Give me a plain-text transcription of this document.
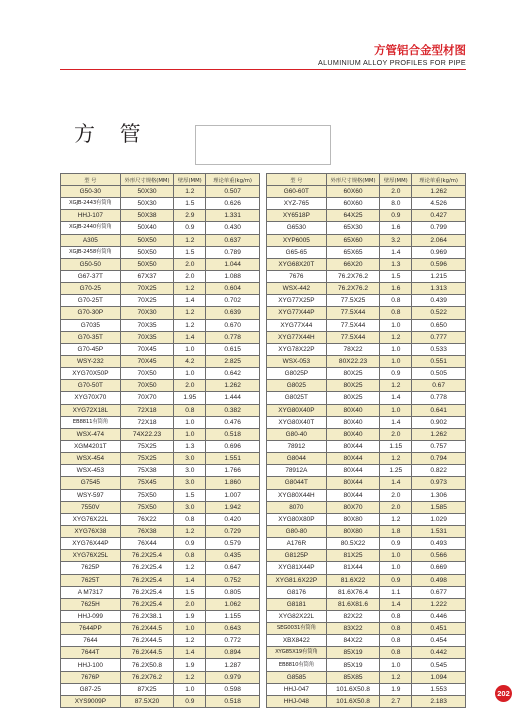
方管铝合金型材图
ALUMINIUM ALLOY PROFILES FOR PIPE
方 管
型 号	外形尺寸规格(MM)	壁厚(MM)	理论单重(kg/m)
G50-30	50X30	1.2	0.507
XGJB-2443有筒角	50X30	1.5	0.626
HHJ-107	50X38	2.9	1.331
XGJB-2440有筒角	50X40	0.9	0.430
A305	50X50	1.2	0.637
XGJB-2458有筒角	50X50	1.5	0.789
G50-50	50X50	2.0	1.044
G67-37T	67X37	2.0	1.088
G70-25	70X25	1.2	0.604
G70-25T	70X25	1.4	0.702
G70-30P	70X30	1.2	0.639
G7035	70X35	1.2	0.670
G70-35T	70X35	1.4	0.778
G70-45P	70X45	1.0	0.615
WSY-232	70X45	4.2	2.825
XYG70X50P	70X50	1.0	0.642
G70-50T	70X50	2.0	1.262
XYG70X70	70X70	1.95	1.444
XYG72X18L	72X18	0.8	0.382
EB8811有筒角	72X18	1.0	0.476
WSX-474	74X22.23	1.0	0.518
XGM4201T	75X25	1.3	0.696
WSX-454	75X25	3.0	1.551
WSX-453	75X38	3.0	1.766
G7545	75X45	3.0	1.860
WSY-597	75X50	1.5	1.007
7550V	75X50	3.0	1.942
XYG76X22L	76X22	0.8	0.420
XYG76X38	76X38	1.2	0.729
XYG76X44P	76X44	0.9	0.579
XYG76X25L	76.2X25.4	0.8	0.435
7625P	76.2X25.4	1.2	0.647
7625T	76.2X25.4	1.4	0.752
A M7317	76.2X25.4	1.5	0.805
7625H	76.2X25.4	2.0	1.062
HHJ-099	76.2X38.1	1.9	1.155
7644PP	76.2X44.5	1.0	0.643
7644	76.2X44.5	1.2	0.772
7644T	76.2X44.5	1.4	0.894
HHJ-100	76.2X50.8	1.9	1.287
7676P	76.2X76.2	1.2	0.979
G87-25	87X25	1.0	0.598
XYS9009P	87.5X20	0.9	0.518
型 号	外形尺寸规格(MM)	壁厚(MM)	理论单重(kg/m)
G60-60T	60X60	2.0	1.262
XYZ-765	60X60	8.0	4.526
XY6518P	64X25	0.9	0.427
G6530	65X30	1.6	0.799
XYP6005	65X60	3.2	2.064
G65-65	65X65	1.4	0.969
XYG68X20T	66X20	1.3	0.596
7676	76.2X76.2	1.5	1.215
WSX-442	76.2X76.2	1.6	1.313
XYG77X25P	77.5X25	0.8	0.439
XYG77X44P	77.5X44	0.8	0.522
XYG77X44	77.5X44	1.0	0.650
XYG77X44H	77.5X44	1.2	0.777
XYG78X22P	78X22	1.0	0.533
WSX-053	80X22.23	1.0	0.551
G8025P	80X25	0.9	0.505
G8025	80X25	1.2	0.67
G8025T	80X25	1.4	0.778
XYG80X40P	80X40	1.0	0.641
XYG80X40T	80X40	1.4	0.902
G80-40	80X40	2.0	1.262
78912	80X44	1.15	0.757
G8044	80X44	1.2	0.794
78912A	80X44	1.25	0.822
G8044T	80X44	1.4	0.973
XYG80X44H	80X44	2.0	1.306
8070	80X70	2.0	1.585
XYG80X80P	80X80	1.2	1.029
G80-80	80X80	1.8	1.531
A176R	80.5X22	0.9	0.493
G8125P	81X25	1.0	0.566
XYG81X44P	81X44	1.0	0.669
XYG81.6X22P	81.6X22	0.9	0.498
G8176	81.6X76.4	1.1	0.677
G8181	81.6X81.6	1.4	1.222
XYG82X22L	82X22	0.8	0.446
SEG0031有筒角	83X22	0.8	0.451
XBX8422	84X22	0.8	0.454
XYG85X19有筒角	85X19	0.8	0.442
EB8810有筒角	85X19	1.0	0.545
G8585	85X85	1.2	1.094
HHJ-047	101.6X50.8	1.9	1.553
HHJ-048	101.6X50.8	2.7	2.183
202
